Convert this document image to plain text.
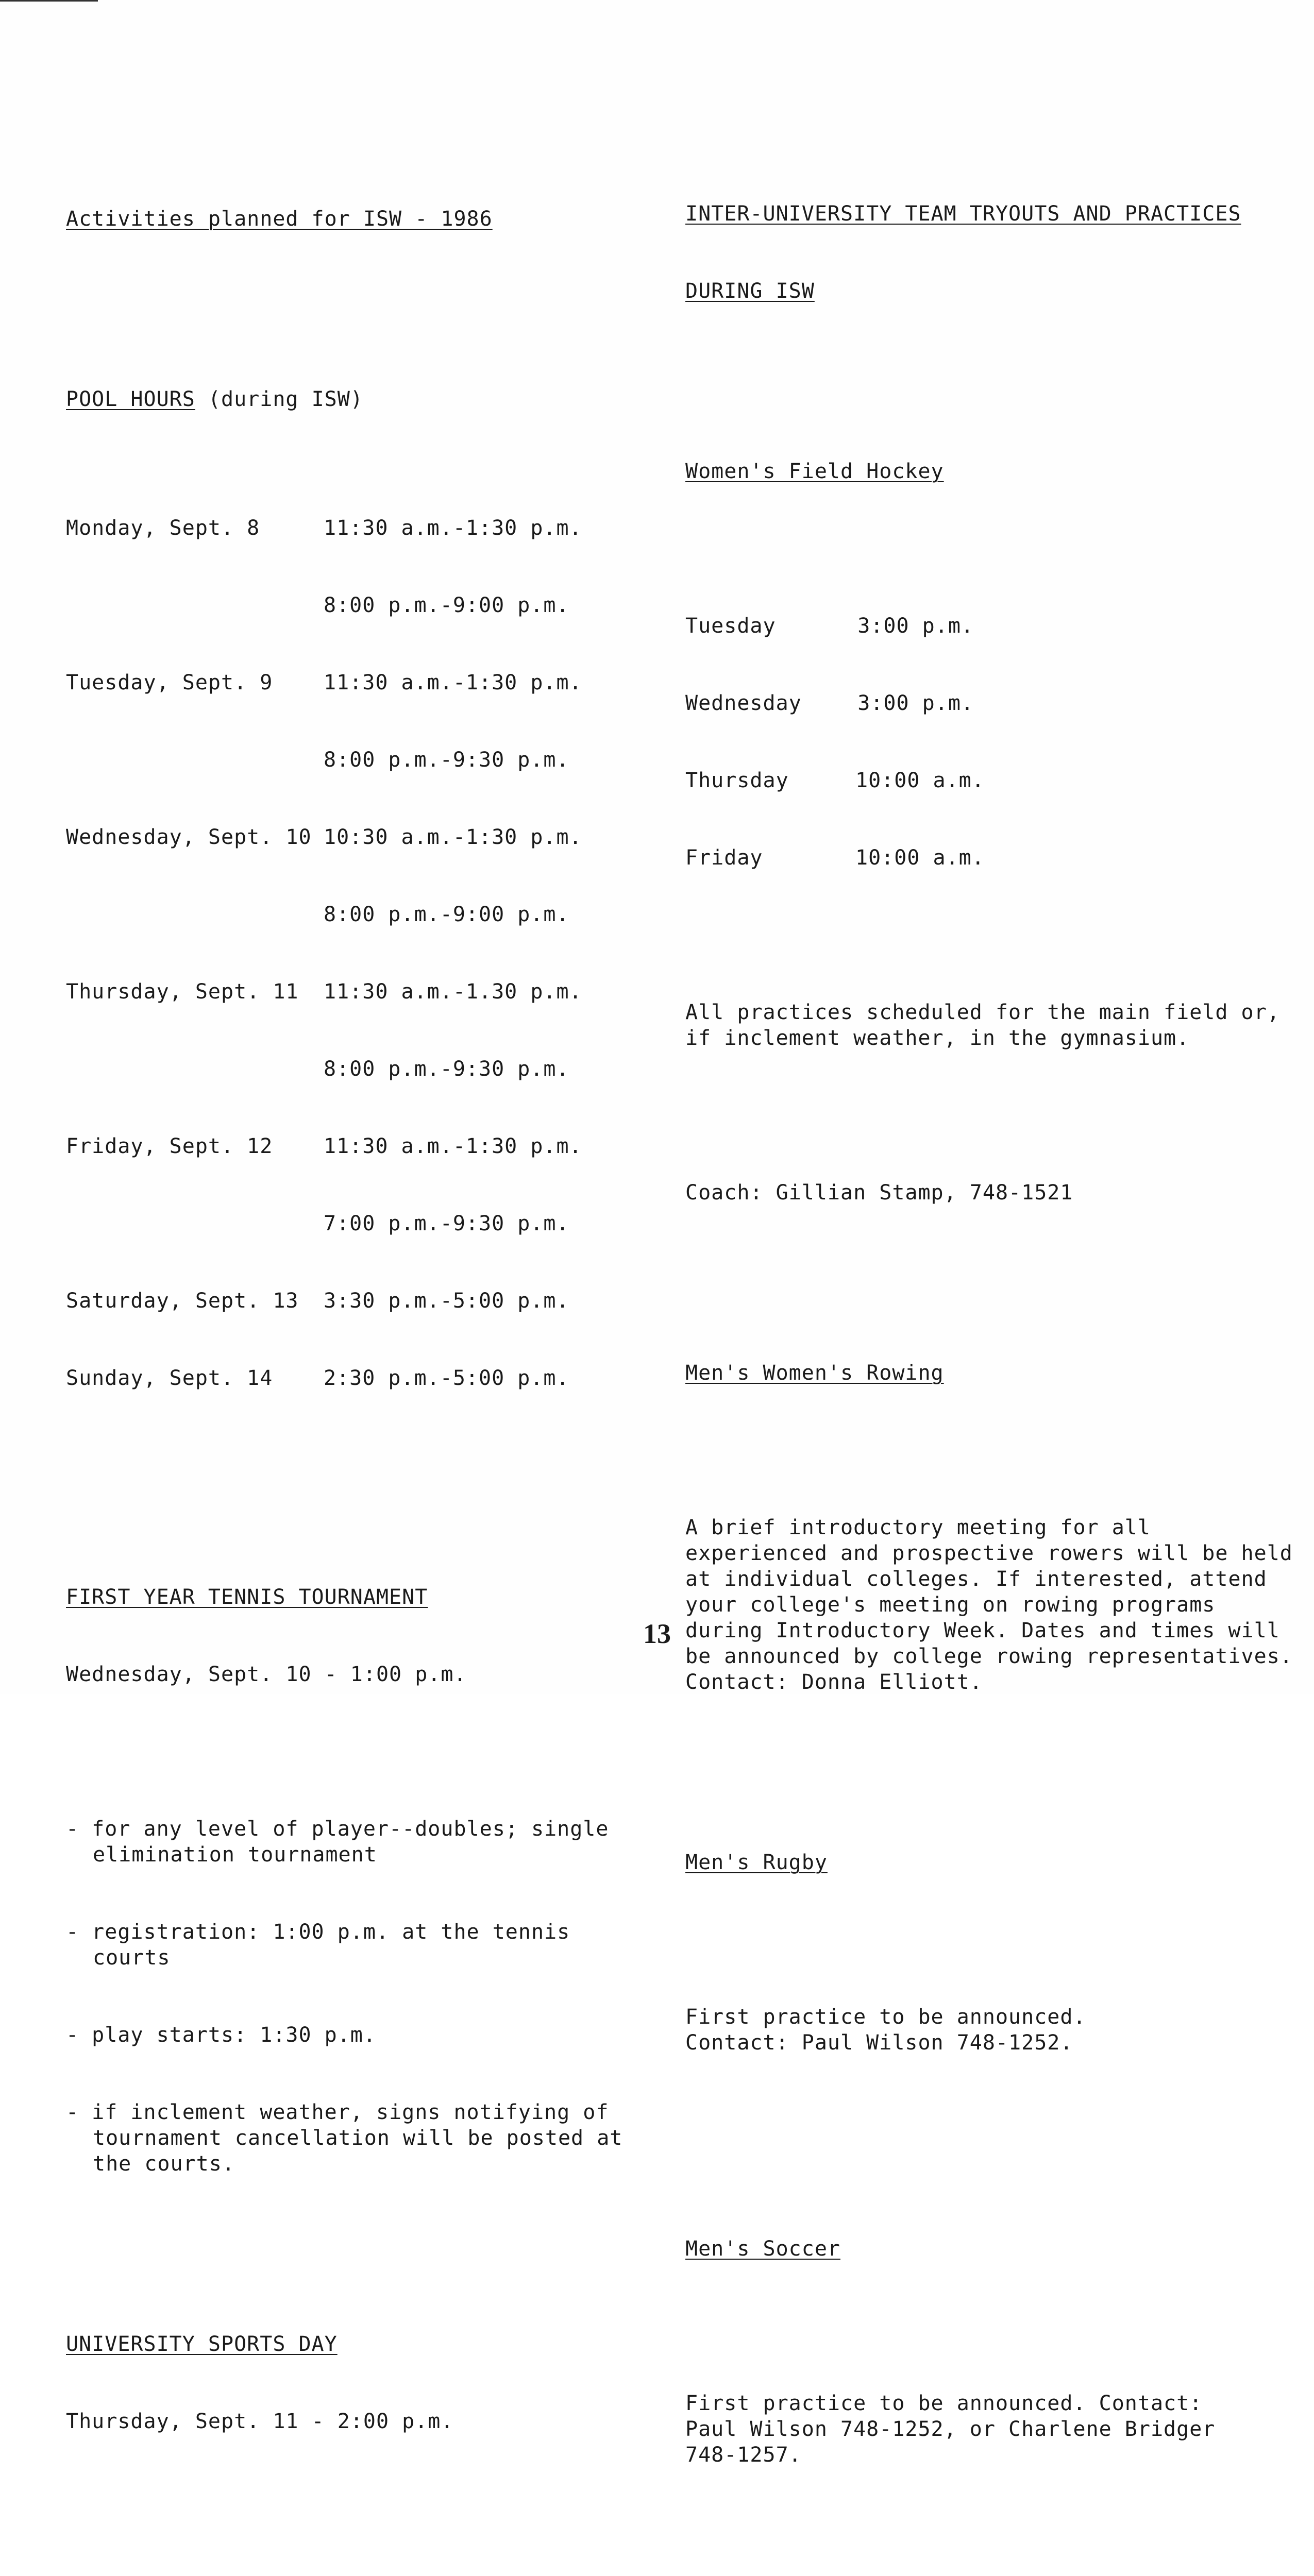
Activities planned for ISW - 1986

POOL HOURS (during ISW)

Monday, Sept. 8	11:30 a.m.-1:30 p.m.

8:00 p.m.-9:00 p.m.

Tuesday, Sept. 9	11:30 a.m.-1:30 p.m.

8:00 p.m.-9:30 p.m.

Wednesday, Sept. 10 10:30 a.m.-1:30 p.m.

8:00 p.m.-9:00 p.m.

Thursday, Sept. 11	11:30 a.m.-1.30 p.m.

8:00 p.m.-9:30 p.m.

Friday, Sept. 12	11:30 a.m.-1:30 p.m.

7:00 p.m.-9:30 p.m.

Saturday, Sept. 13	3:30 p.m.-5:00 p.m.

Sunday, Sept. 14	2:30 p.m.-5:00 p.m.

FIRST YEAR TENNIS TOURNAMENT

Wednesday, Sept. 10 - 1:00 p.m.

- for any level of player--doubles; single elimination tournament

- registration: 1:00 p.m. at the tennis courts

- play starts: 1:30 p.m.

- if inclement weather, signs notifying of tournament cancellation will be posted at the courts.

UNIVERSITY SPORTS DAY

Thursday, Sept. 11 - 2:00 p.m.

INTER-UNIVERSITY TEAM TRYOUTS AND PRACTICES

DURING ISW

Women's Field Hockey

Tuesday	3:00 p.m.

Wednesday	3:00 p.m.

Thursday	10:00 a.m.

Friday	10:00 a.m.

All practices scheduled for the main field or, if inclement weather, in the gymnasium.

Coach: Gillian Stamp, 748-1521

Men's Women's Rowing

A brief introductory meeting for all experienced and prospective rowers will be held at individual colleges. If interested, attend your college's meeting on rowing programs during Introductory Week. Dates and times will be announced by college rowing representatives. Contact: Donna Elliott.

Men's Rugby

First practice to be announced. Contact: Paul Wilson 748-1252.

Men's Soccer

First practice to be announced. Contact: Paul Wilson 748-1252, or Charlene Bridger 748-1257.

13
